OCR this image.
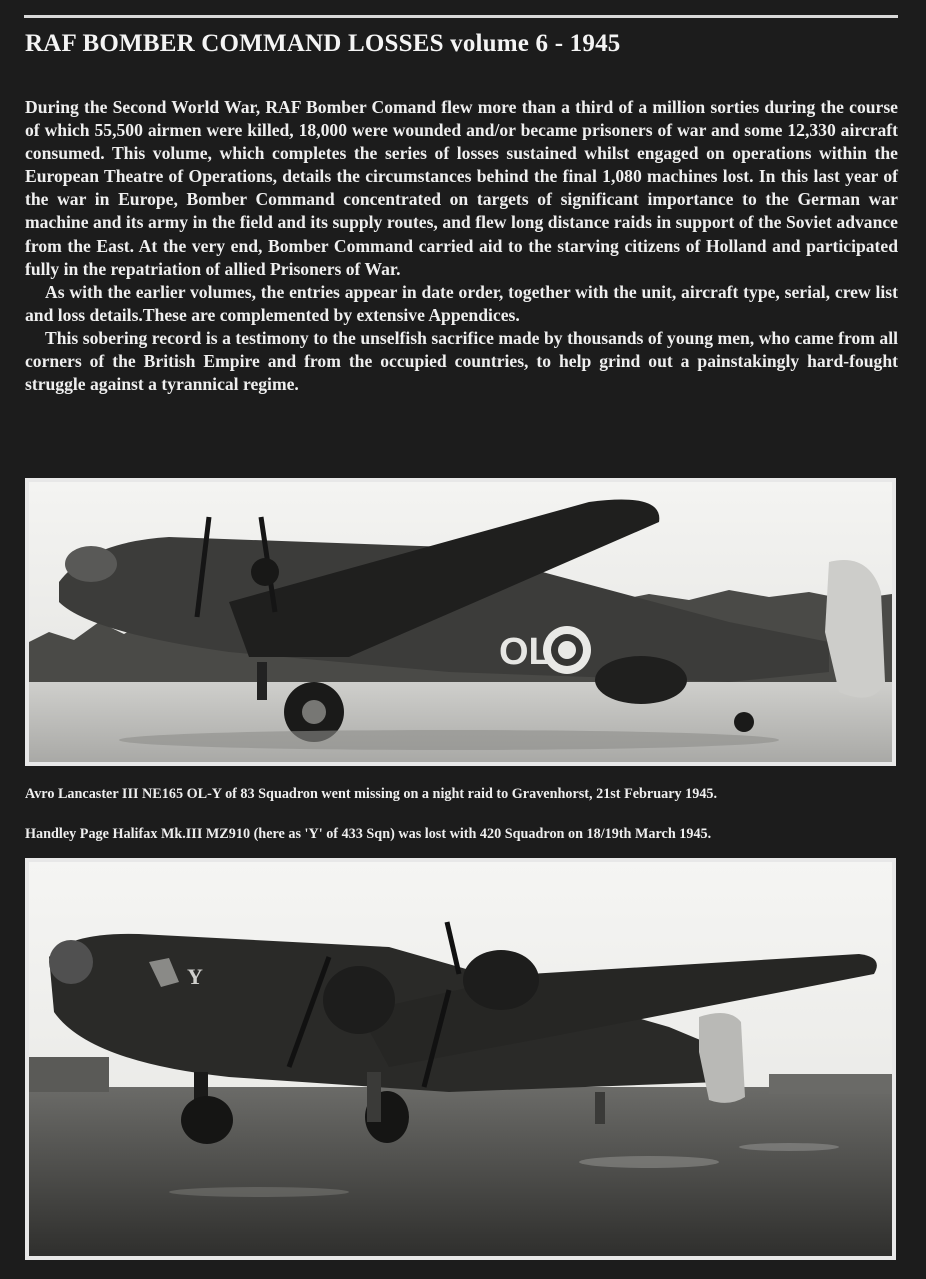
RAF BOMBER COMMAND LOSSES volume 6 - 1945

During the Second World War, RAF Bomber Comand flew more than a third of a million sorties during the course of which 55,500 airmen were killed, 18,000 were wounded and/or became prisoners of war and some 12,330 aircraft consumed. This volume, which completes the series of losses sustained whilst engaged on operations within the European Theatre of Operations, details the circumstances behind the final 1,080 machines lost. In this last year of the war in Europe, Bomber Command concentrated on targets of significant importance to the German war machine and its army in the field and its supply routes, and flew long distance raids in support of the Soviet advance from the East. At the very end, Bomber Command carried aid to the starving citizens of Holland and participated fully in the repatriation of allied Prisoners of War.

As with the earlier volumes, the entries appear in date order, together with the unit, aircraft type, serial, crew list and loss details.These are complemented by extensive Appendices.

This sobering record is a testimony to the unselfish sacrifice made by thousands of young men, who came from all corners of the British Empire and from the occupied countries, to help grind out a painstakingly hard-fought struggle against a tyrannical regime.

OL
Avro Lancaster III NE165 OL-Y of 83 Squadron went missing on a night raid to Gravenhorst, 21st February 1945.
Handley Page Halifax Mk.III MZ910 (here as 'Y' of 433 Sqn) was lost with 420 Squadron on 18/19th March 1945.
Y
